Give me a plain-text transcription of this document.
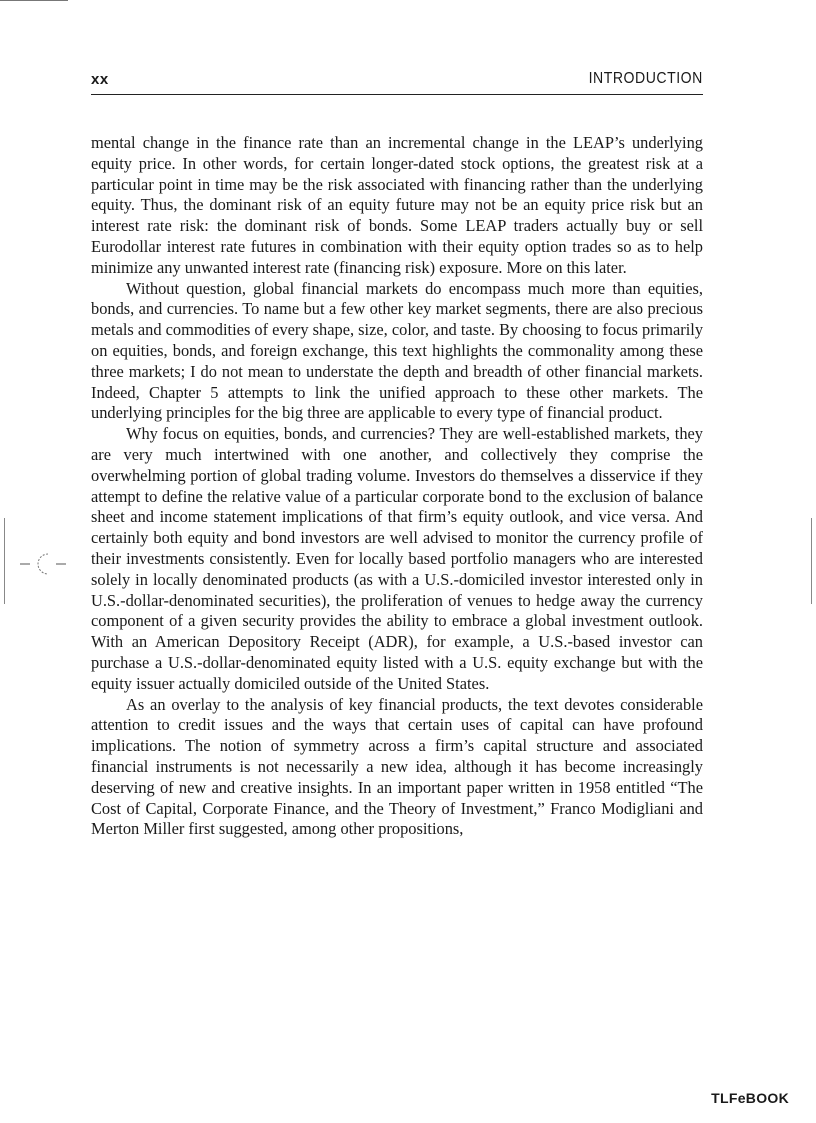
xx	INTRODUCTION

mental change in the finance rate than an incremental change in the LEAP’s underlying equity price. In other words, for certain longer-dated stock options, the greatest risk at a particular point in time may be the risk associated with financing rather than the underlying equity. Thus, the dominant risk of an equity future may not be an equity price risk but an interest rate risk: the dominant risk of bonds. Some LEAP traders actually buy or sell Eurodollar interest rate futures in combination with their equity option trades so as to help minimize any unwanted interest rate (financing risk) exposure. More on this later.

Without question, global financial markets do encompass much more than equities, bonds, and currencies. To name but a few other key market segments, there are also precious metals and commodities of every shape, size, color, and taste. By choosing to focus primarily on equities, bonds, and foreign exchange, this text highlights the commonality among these three markets; I do not mean to understate the depth and breadth of other financial markets. Indeed, Chapter 5 attempts to link the unified approach to these other markets. The underlying principles for the big three are applicable to every type of financial product.

Why focus on equities, bonds, and currencies? They are well-established markets, they are very much intertwined with one another, and collectively they comprise the overwhelming portion of global trading volume. Investors do themselves a disservice if they attempt to define the relative value of a particular corporate bond to the exclusion of balance sheet and income statement implications of that firm’s equity outlook, and vice versa. And certainly both equity and bond investors are well advised to monitor the currency profile of their investments consistently. Even for locally based portfolio managers who are interested solely in locally denominated products (as with a U.S.-domiciled investor interested only in U.S.-dollar-denominated securities), the proliferation of venues to hedge away the currency component of a given security provides the ability to embrace a global investment outlook. With an American Depository Receipt (ADR), for example, a U.S.-based investor can purchase a U.S.-dollar-denominated equity listed with a U.S. equity exchange but with the equity issuer actually domiciled outside of the United States.

As an overlay to the analysis of key financial products, the text devotes considerable attention to credit issues and the ways that certain uses of capital can have profound implications. The notion of symmetry across a firm’s capital structure and associated financial instruments is not necessarily a new idea, although it has become increasingly deserving of new and creative insights. In an important paper written in 1958 entitled “The Cost of Capital, Corporate Finance, and the Theory of Investment,” Franco Modigliani and Merton Miller first suggested, among other propositions,

TLFeBOOK
